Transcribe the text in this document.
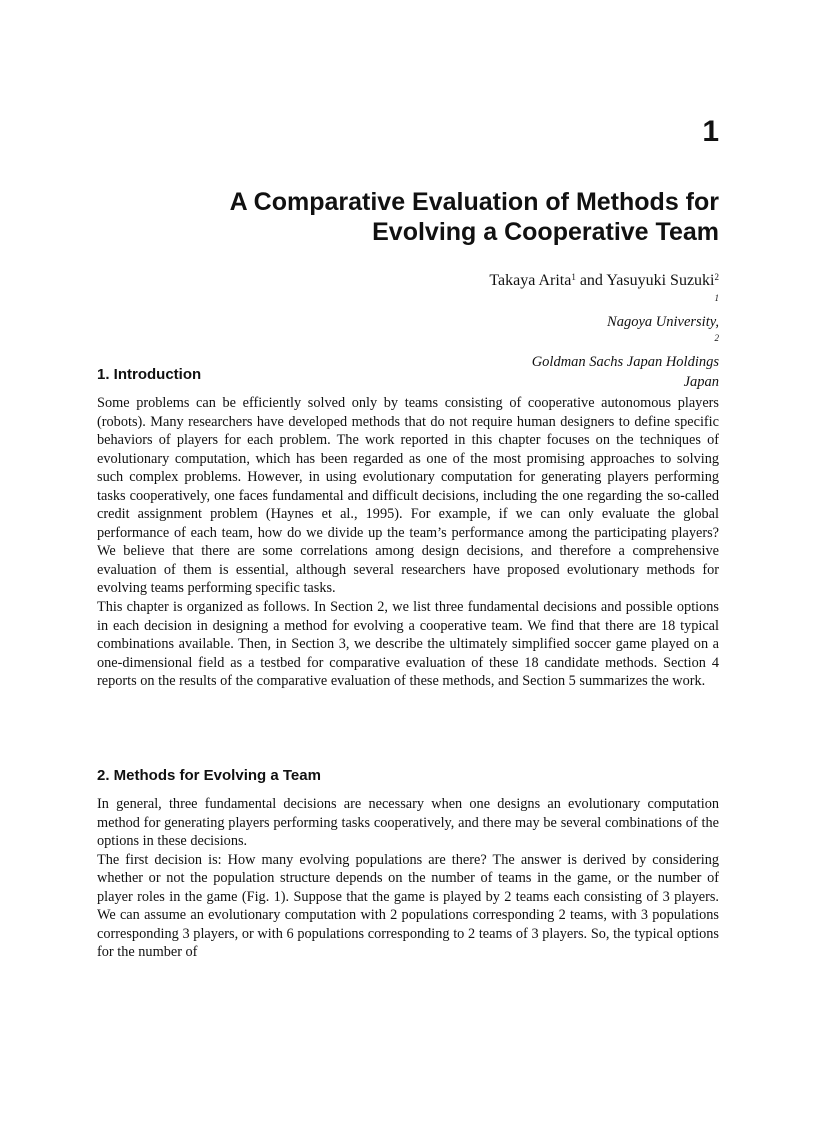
1
A Comparative Evaluation of Methods for
Evolving a Cooperative Team
Takaya Arita$^1$ and Yasuyuki Suzuki$^2$
$^1$
Nagoya University,
$^2$
Goldman Sachs Japan Holdings
Japan
1. Introduction

Some problems can be efficiently solved only by teams consisting of cooperative autonomous players (robots). Many researchers have developed methods that do not require human designers to define specific behaviors of players for each problem. The work reported in this chapter focuses on the techniques of evolutionary computation, which has been regarded as one of the most promising approaches to solving such complex problems. However, in using evolutionary computation for generating players performing tasks cooperatively, one faces fundamental and difficult decisions, including the one regarding the so-called credit assignment problem (Haynes et al., 1995). For example, if we can only evaluate the global performance of each team, how do we divide up the team’s performance among the participating players? We believe that there are some correlations among design decisions, and therefore a comprehensive evaluation of them is essential, although several researchers have proposed evolutionary methods for evolving teams performing specific tasks.

This chapter is organized as follows. In Section 2, we list three fundamental decisions and possible options in each decision in designing a method for evolving a cooperative team. We find that there are 18 typical combinations available. Then, in Section 3, we describe the ultimately simplified soccer game played on a one-dimensional field as a testbed for comparative evaluation of these 18 candidate methods. Section 4 reports on the results of the comparative evaluation of these methods, and Section 5 summarizes the work.

2. Methods for Evolving a Team

In general, three fundamental decisions are necessary when one designs an evolutionary computation method for generating players performing tasks cooperatively, and there may be several combinations of the options in these decisions.

The first decision is: How many evolving populations are there? The answer is derived by considering whether or not the population structure depends on the number of teams in the game, or the number of player roles in the game (Fig. 1). Suppose that the game is played by 2 teams each consisting of 3 players. We can assume an evolutionary computation with 2 populations corresponding 2 teams, with 3 populations corresponding 3 players, or with 6 populations corresponding to 2 teams of 3 players. So, the typical options for the number of
